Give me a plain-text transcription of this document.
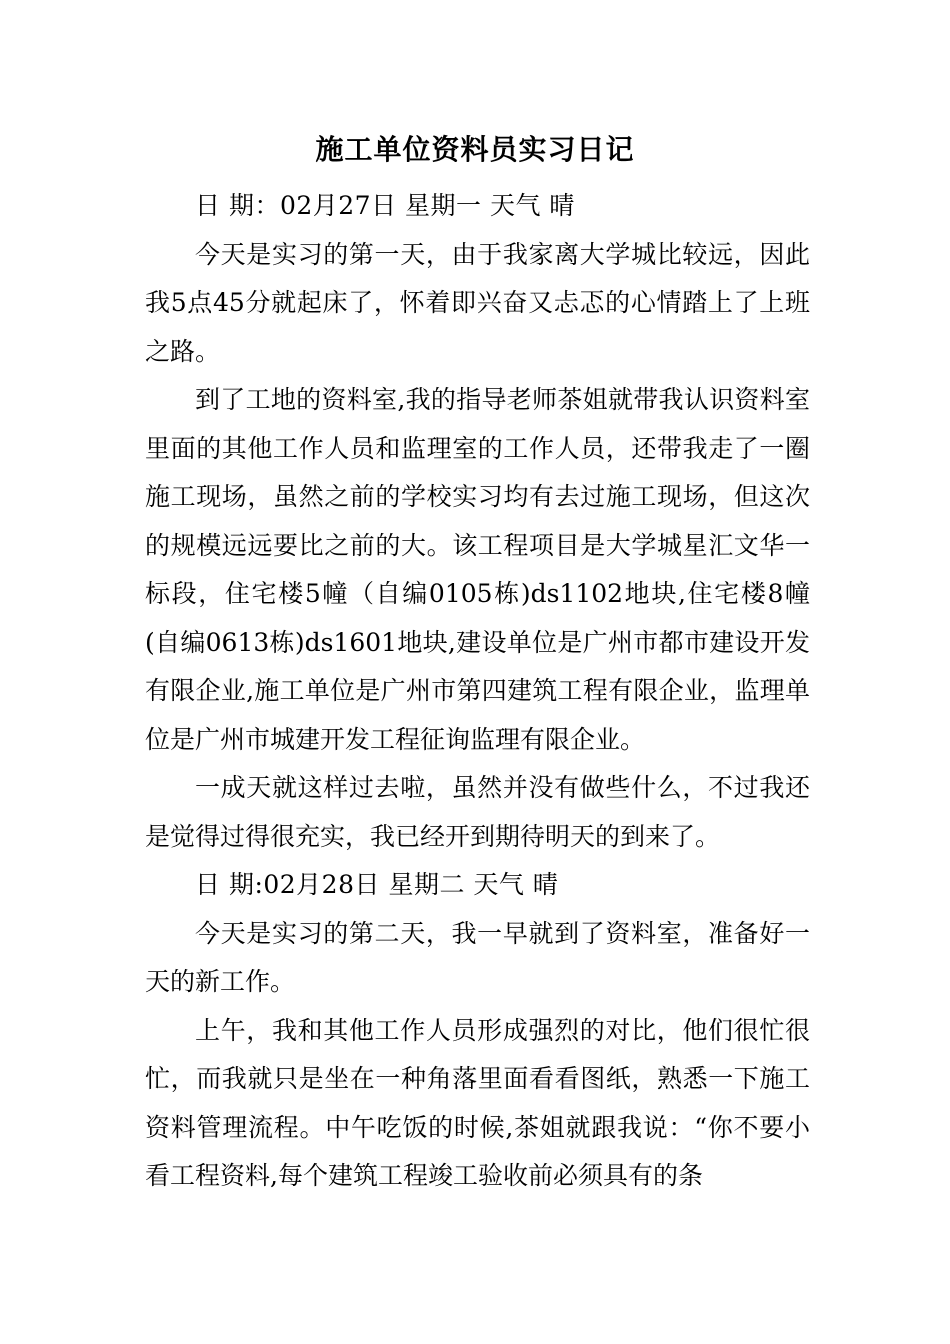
施工单位资料员实习日记

日 期：02月27日 星期一 天气 晴

今天是实习的第一天，由于我家离大学城比较远，因此我5点45分就起床了，怀着即兴奋又忐忑的心情踏上了上班之路。

到了工地的资料室,我的指导老师茶姐就带我认识资料室里面的其他工作人员和监理室的工作人员，还带我走了一圈施工现场，虽然之前的学校实习均有去过施工现场，但这次的规模远远要比之前的大。该工程项目是大学城星汇文华一标段，住宅楼5幢（自编0105栋)ds1102地块,住宅楼8幢(自编0613栋)ds1601地块,建设单位是广州市都市建设开发有限企业,施工单位是广州市第四建筑工程有限企业，监理单位是广州市城建开发工程征询监理有限企业。

一成天就这样过去啦，虽然并没有做些什么，不过我还是觉得过得很充实，我已经开到期待明天的到来了。

日 期:02月28日 星期二 天气 晴

今天是实习的第二天，我一早就到了资料室，准备好一天的新工作。

上午，我和其他工作人员形成强烈的对比，他们很忙很忙，而我就只是坐在一种角落里面看看图纸，熟悉一下施工资料管理流程。中午吃饭的时候,茶姐就跟我说：“你不要小看工程资料,每个建筑工程竣工验收前必须具有的条
